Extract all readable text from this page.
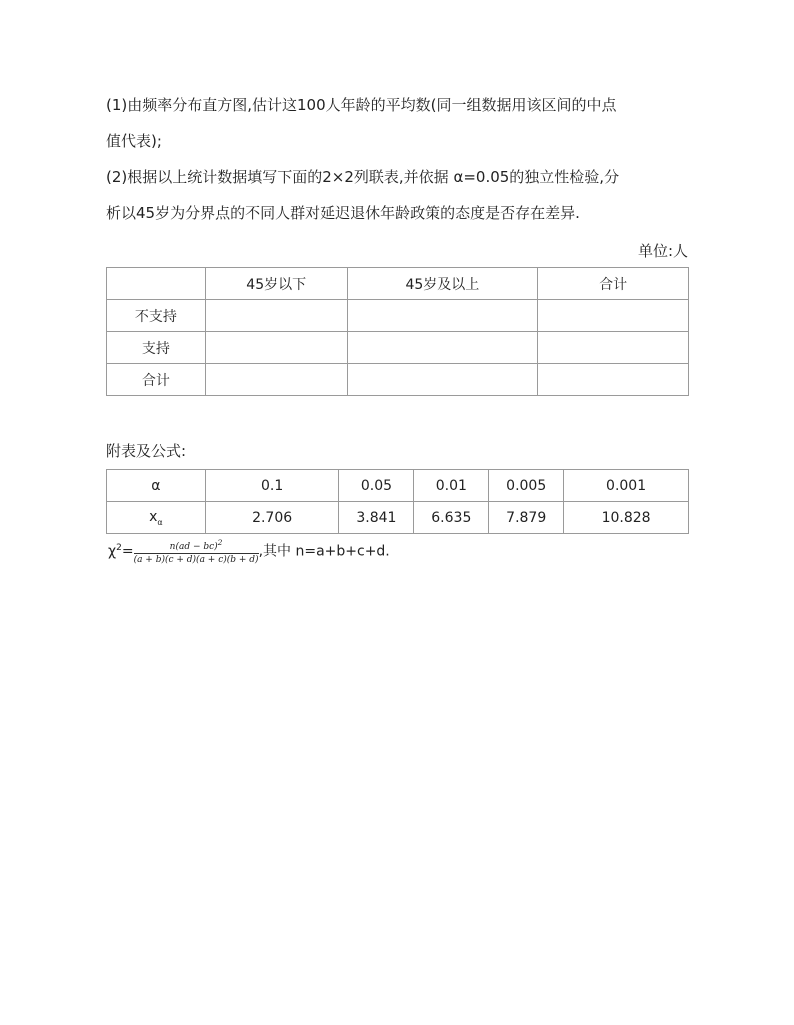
(1)由频率分布直方图,估计这100人年龄的平均数(同一组数据用该区间的中点
值代表);
(2)根据以上统计数据填写下面的2×2列联表,并依据 α=0.05的独立性检验,分
析以45岁为分界点的不同人群对延迟退休年龄政策的态度是否存在差异.
单位:人
	45岁以下	45岁及以上	合计
不支持			
支持			
合计			
附表及公式:
α	0.1	0.05	0.01	0.005	0.001
$x_\alpha$	2.706	3.841	6.635	7.879	10.828
$\chi^2= \frac{n(ad - bc)^2}{(a + b)(c + d)(a + c)(b + d)}$ ,其中 n=a+b+c+d.
